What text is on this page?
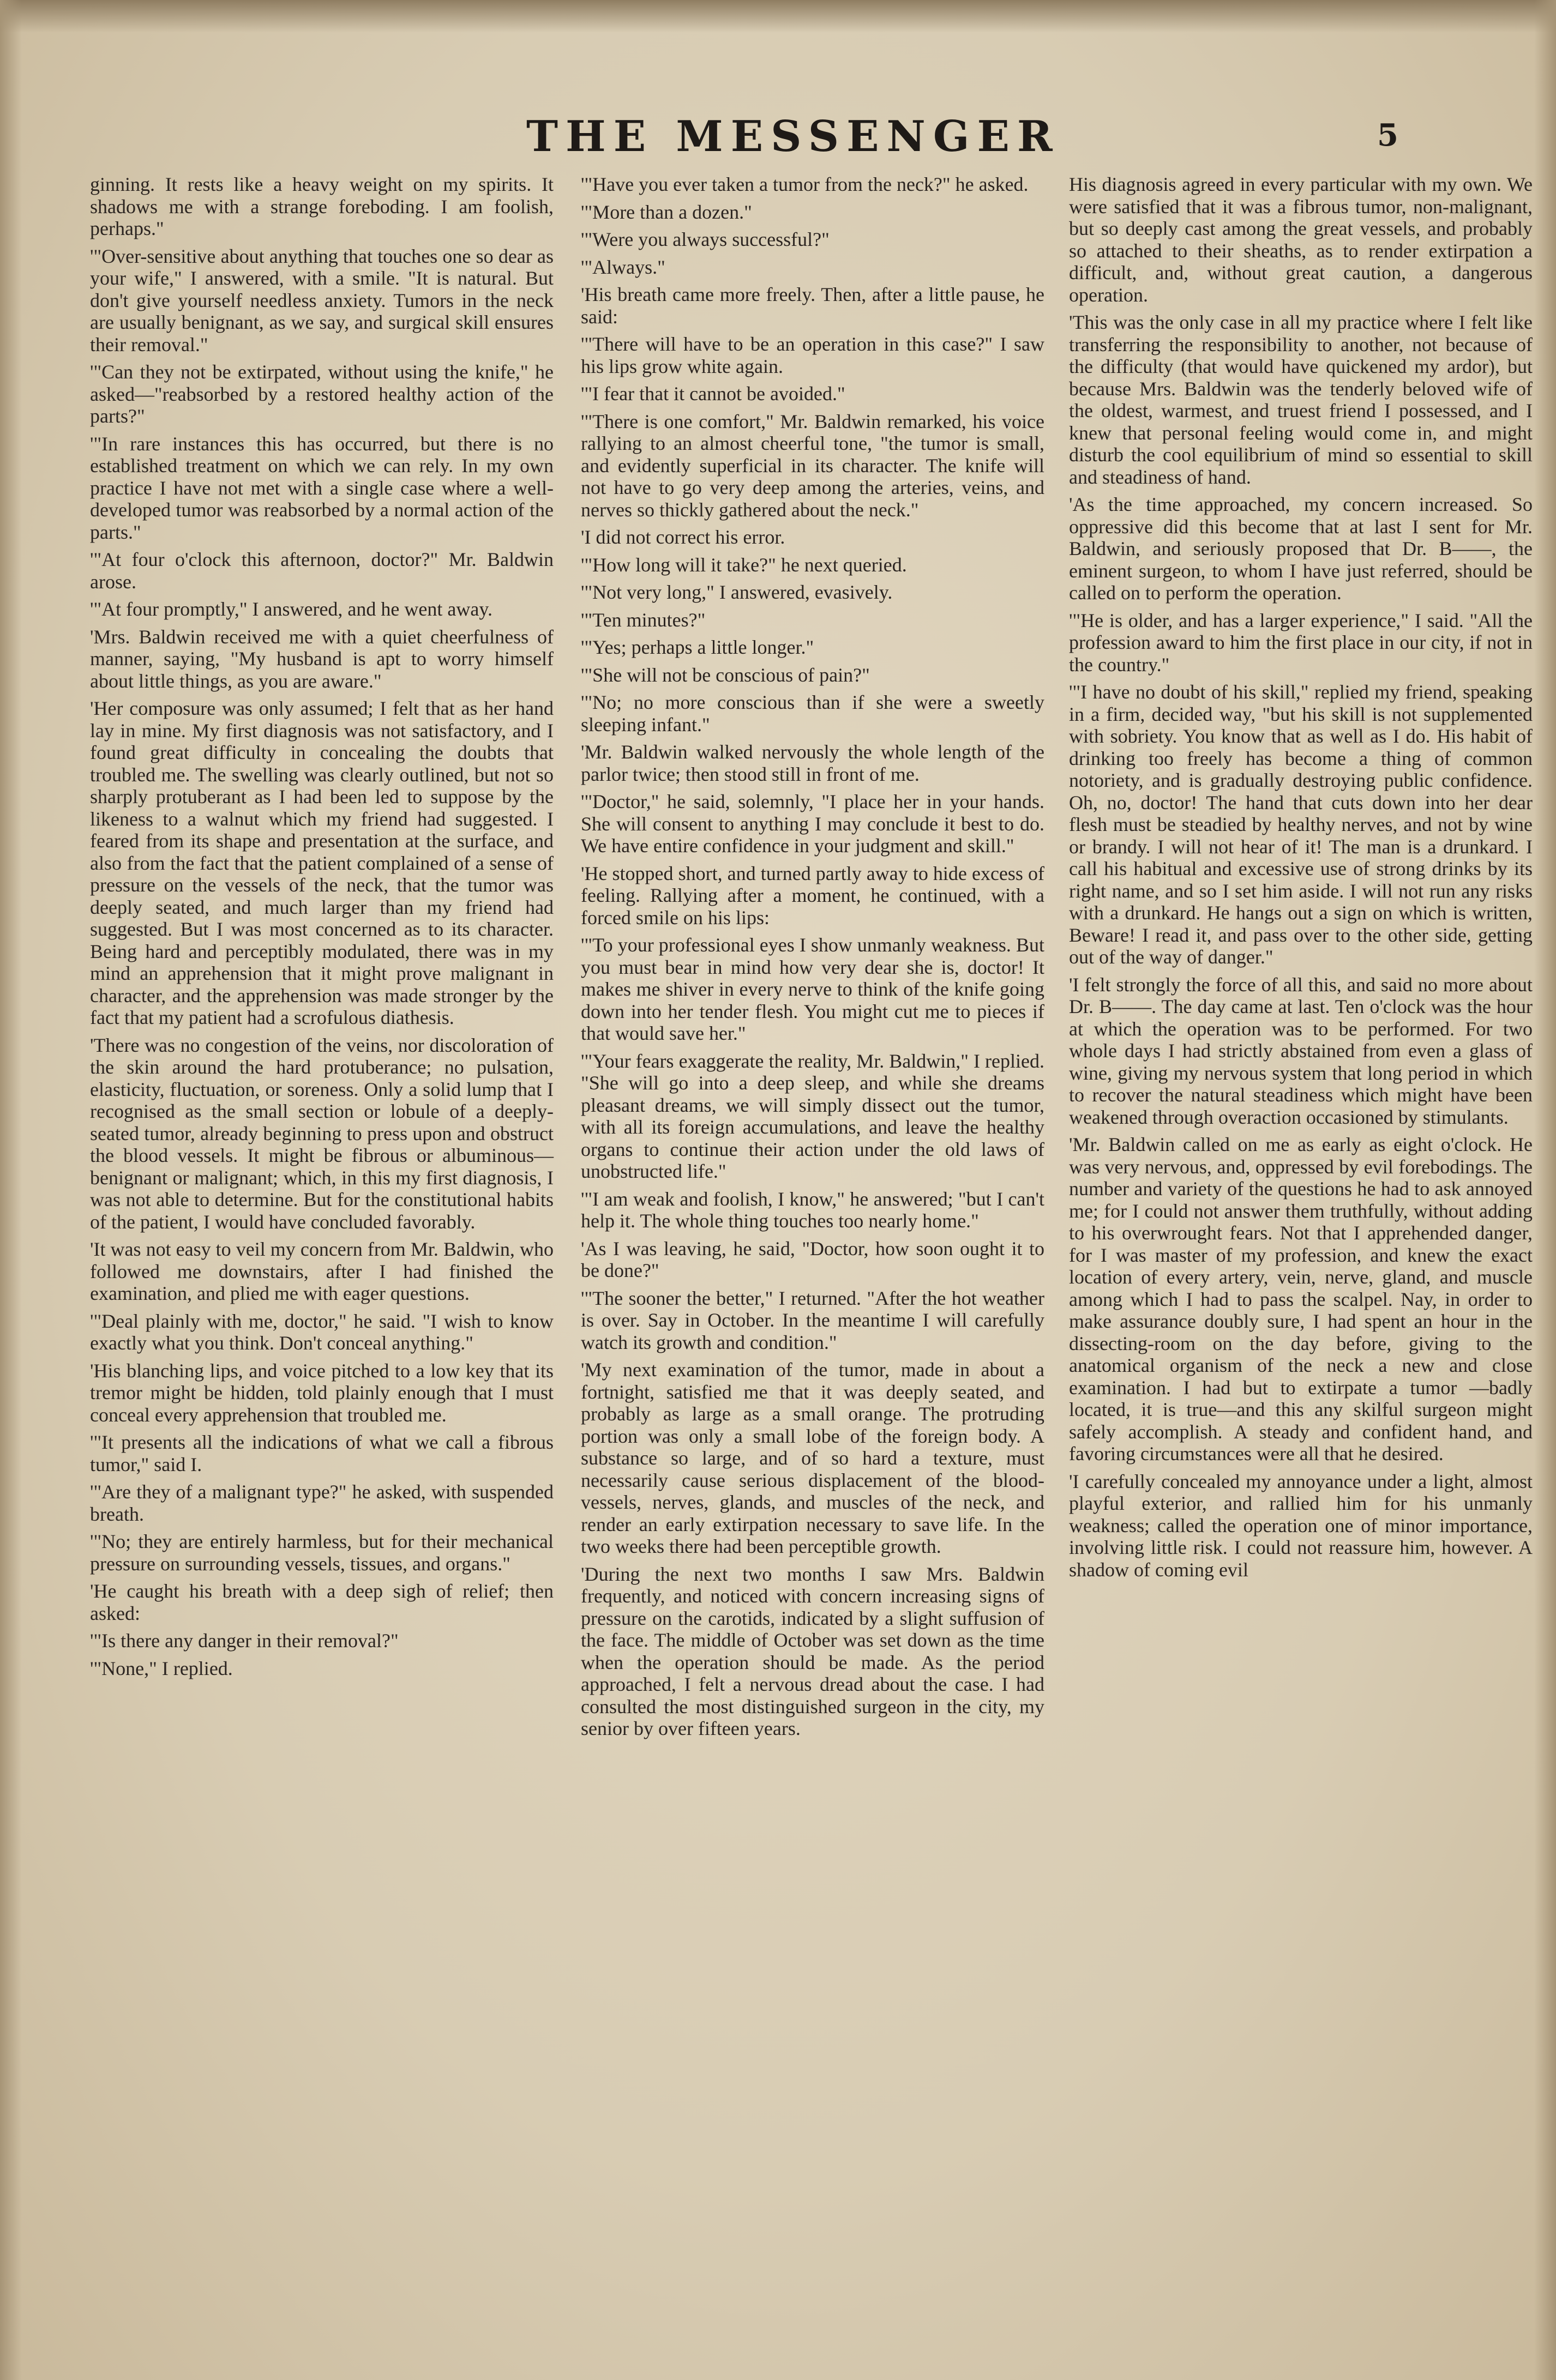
THE MESSENGER	5

ginning. It rests like a heavy weight on my spirits. It shadows me with a strange foreboding. I am foolish, perhaps."

'"Over-sensitive about anything that touches one so dear as your wife," I answered, with a smile. "It is natural. But don't give yourself needless anxiety. Tumors in the neck are usually benignant, as we say, and surgical skill ensures their removal."

'"Can they not be extirpated, without using the knife," he asked—"reabsorbed by a restored healthy action of the parts?"

'"In rare instances this has occurred, but there is no established treatment on which we can rely. In my own practice I have not met with a single case where a well-developed tumor was reabsorbed by a normal action of the parts."

'"At four o'clock this afternoon, doctor?" Mr. Baldwin arose.

'"At four promptly," I answered, and he went away.

'Mrs. Baldwin received me with a quiet cheerfulness of manner, saying, "My husband is apt to worry himself about little things, as you are aware."

'Her composure was only assumed; I felt that as her hand lay in mine. My first diagnosis was not satisfactory, and I found great difficulty in concealing the doubts that troubled me. The swelling was clearly outlined, but not so sharply protuberant as I had been led to suppose by the likeness to a walnut which my friend had suggested. I feared from its shape and presentation at the surface, and also from the fact that the patient complained of a sense of pressure on the vessels of the neck, that the tumor was deeply seated, and much larger than my friend had suggested. But I was most concerned as to its character. Being hard and perceptibly modulated, there was in my mind an apprehension that it might prove malignant in character, and the apprehension was made stronger by the fact that my patient had a scrofulous diathesis.

'There was no congestion of the veins, nor discoloration of the skin around the hard protuberance; no pulsation, elasticity, fluctuation, or soreness. Only a solid lump that I recognised as the small section or lobule of a deeply-seated tumor, already beginning to press upon and obstruct the blood vessels. It might be fibrous or albuminous—benignant or malignant; which, in this my first diagnosis, I was not able to determine. But for the constitutional habits of the patient, I would have concluded favorably.

'It was not easy to veil my concern from Mr. Baldwin, who followed me downstairs, after I had finished the examination, and plied me with eager questions.

'"Deal plainly with me, doctor," he said. "I wish to know exactly what you think. Don't conceal anything."

'His blanching lips, and voice pitched to a low key that its tremor might be hidden, told plainly enough that I must conceal every apprehension that troubled me.

'"It presents all the indications of what we call a fibrous tumor," said I.

'"Are they of a malignant type?" he asked, with suspended breath.

'"No; they are entirely harmless, but for their mechanical pressure on surrounding vessels, tissues, and organs."

'He caught his breath with a deep sigh of relief; then asked:

'"Is there any danger in their removal?"

'"None," I replied.

'"Have you ever taken a tumor from the neck?" he asked.

'"More than a dozen."

'"Were you always successful?"

'"Always."

'His breath came more freely. Then, after a little pause, he said:

'"There will have to be an operation in this case?" I saw his lips grow white again.

'"I fear that it cannot be avoided."

'"There is one comfort," Mr. Baldwin remarked, his voice rallying to an almost cheerful tone, "the tumor is small, and evidently superficial in its character. The knife will not have to go very deep among the arteries, veins, and nerves so thickly gathered about the neck."

'I did not correct his error.

'"How long will it take?" he next queried.

'"Not very long," I answered, evasively.

'"Ten minutes?"

'"Yes; perhaps a little longer."

'"She will not be conscious of pain?"

'"No; no more conscious than if she were a sweetly sleeping infant."

'Mr. Baldwin walked nervously the whole length of the parlor twice; then stood still in front of me.

'"Doctor," he said, solemnly, "I place her in your hands. She will consent to anything I may conclude it best to do. We have entire confidence in your judgment and skill."

'He stopped short, and turned partly away to hide excess of feeling. Rallying after a moment, he continued, with a forced smile on his lips:

'"To your professional eyes I show unmanly weakness. But you must bear in mind how very dear she is, doctor! It makes me shiver in every nerve to think of the knife going down into her tender flesh. You might cut me to pieces if that would save her."

'"Your fears exaggerate the reality, Mr. Baldwin," I replied. "She will go into a deep sleep, and while she dreams pleasant dreams, we will simply dissect out the tumor, with all its foreign accumulations, and leave the healthy organs to continue their action under the old laws of unobstructed life."

'"I am weak and foolish, I know," he answered; "but I can't help it. The whole thing touches too nearly home."

'As I was leaving, he said, "Doctor, how soon ought it to be done?"

'"The sooner the better," I returned. "After the hot weather is over. Say in October. In the meantime I will carefully watch its growth and condition."

'My next examination of the tumor, made in about a fortnight, satisfied me that it was deeply seated, and probably as large as a small orange. The protruding portion was only a small lobe of the foreign body. A substance so large, and of so hard a texture, must necessarily cause serious displacement of the blood-vessels, nerves, glands, and muscles of the neck, and render an early extirpation necessary to save life. In the two weeks there had been perceptible growth.

'During the next two months I saw Mrs. Baldwin frequently, and noticed with concern increasing signs of pressure on the carotids, indicated by a slight suffusion of the face. The middle of October was set down as the time when the operation should be made. As the period approached, I felt a nervous dread about the case. I had consulted the most distinguished surgeon in the city, my senior by over fifteen years.

His diagnosis agreed in every particular with my own. We were satisfied that it was a fibrous tumor, non-malignant, but so deeply cast among the great vessels, and probably so attached to their sheaths, as to render extirpation a difficult, and, without great caution, a dangerous operation.

'This was the only case in all my practice where I felt like transferring the responsibility to another, not because of the difficulty (that would have quickened my ardor), but because Mrs. Baldwin was the tenderly beloved wife of the oldest, warmest, and truest friend I possessed, and I knew that personal feeling would come in, and might disturb the cool equilibrium of mind so essential to skill and steadiness of hand.

'As the time approached, my concern increased. So oppressive did this become that at last I sent for Mr. Baldwin, and seriously proposed that Dr. B——, the eminent surgeon, to whom I have just referred, should be called on to perform the operation.

'"He is older, and has a larger experience," I said. "All the profession award to him the first place in our city, if not in the country."

'"I have no doubt of his skill," replied my friend, speaking in a firm, decided way, "but his skill is not supplemented with sobriety. You know that as well as I do. His habit of drinking too freely has become a thing of common notoriety, and is gradually destroying public confidence. Oh, no, doctor! The hand that cuts down into her dear flesh must be steadied by healthy nerves, and not by wine or brandy. I will not hear of it! The man is a drunkard. I call his habitual and excessive use of strong drinks by its right name, and so I set him aside. I will not run any risks with a drunkard. He hangs out a sign on which is written, Beware! I read it, and pass over to the other side, getting out of the way of danger."

'I felt strongly the force of all this, and said no more about Dr. B——. The day came at last. Ten o'clock was the hour at which the operation was to be performed. For two whole days I had strictly abstained from even a glass of wine, giving my nervous system that long period in which to recover the natural steadiness which might have been weakened through overaction occasioned by stimulants.

'Mr. Baldwin called on me as early as eight o'clock. He was very nervous, and, oppressed by evil forebodings. The number and variety of the questions he had to ask annoyed me; for I could not answer them truthfully, without adding to his overwrought fears. Not that I apprehended danger, for I was master of my profession, and knew the exact location of every artery, vein, nerve, gland, and muscle among which I had to pass the scalpel. Nay, in order to make assurance doubly sure, I had spent an hour in the dissecting-room on the day before, giving to the anatomical organism of the neck a new and close examination. I had but to extirpate a tumor —badly located, it is true—and this any skilful surgeon might safely accomplish. A steady and confident hand, and favoring circumstances were all that he desired.

'I carefully concealed my annoyance under a light, almost playful exterior, and rallied him for his unmanly weakness; called the operation one of minor importance, involving little risk. I could not reassure him, however. A shadow of coming evil
